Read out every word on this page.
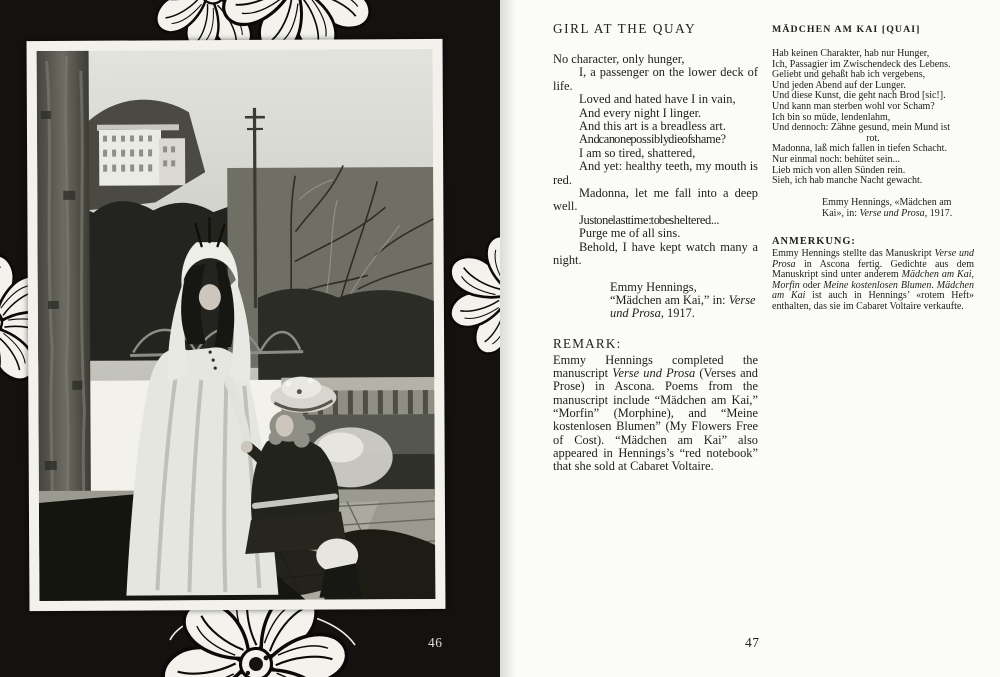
46
GIRL AT THE QUAY
No character, only hunger,
I, a passenger on the lower deck of life.
Loved and hated have I in vain,
And every night I linger.
And this art is a breadless art.
And can one possibly die of shame?
I am so tired, shattered,
And yet: healthy teeth, my mouth is red.
Madonna, let me fall into a deep well.
Just one last time: to be sheltered...
Purge me of all sins.
Behold, I have kept watch many a night.
Emmy Hennings,
“Mädchen am Kai,” in: Verse und Prosa, 1917.
REMARK:

Emmy Hennings completed the manuscript Verse und Prosa (Verses and Prose) in Ascona. Poems from the manuscript include “Mädchen am Kai,” “Morfin” (Morphine), and “Meine kostenlosen Blumen” (My Flowers Free of Cost). “Mädchen am Kai” also appeared in Hennings’s “red notebook” that she sold at Cabaret Voltaire.

MÄDCHEN AM KAI [QUAI]
Hab keinen Charakter, hab nur Hunger,
Ich, Passagier im Zwischendeck des Lebens.
Geliebt und gehaßt hab ich vergebens,
Und jeden Abend auf der Lunger.
Und diese Kunst, die geht nach Brod [sic!].
Und kann man sterben wohl vor Scham?
Ich bin so müde, lendenlahm,
Und dennoch: Zähne gesund, mein Mund ist
rot.
Madonna, laß mich fallen in tiefen Schacht.
Nur einmal noch: behütet sein...
Lieb mich von allen Sünden rein.
Sieh, ich hab manche Nacht gewacht.
Emmy Hennings, «Mädchen am Kai», in: Verse und Prosa, 1917.
ANMERKUNG:

Emmy Hennings stellte das Manuskript Verse und Prosa in Ascona fertig. Gedichte aus dem Manuskript sind unter anderem Mädchen am Kai, Morfin oder Meine kostenlosen Blumen. Mädchen am Kai ist auch in Hennings’ «rotem Heft» enthalten, das sie im Cabaret Voltaire verkaufte.

47
